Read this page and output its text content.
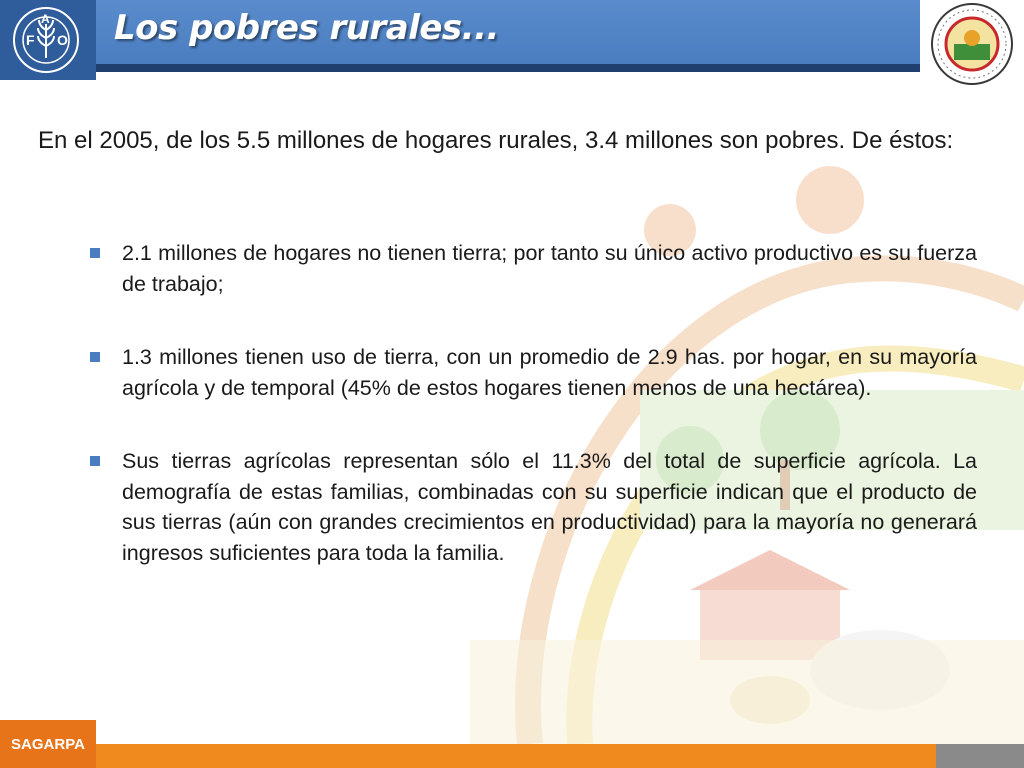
F
A
O Los pobres rurales...

En el 2005, de los 5.5 millones de hogares rurales, 3.4 millones son pobres. De éstos:

2.1 millones de hogares no tienen tierra; por tanto su único activo productivo es su fuerza de trabajo;
1.3 millones tienen uso de tierra, con un promedio de 2.9 has. por hogar, en su mayoría agrícola y de temporal (45% de estos hogares tienen menos de una hectárea).
Sus tierras agrícolas representan sólo el 11.3% del total de superficie agrícola. La demografía de estas familias, combinadas con su superficie indican que el producto de sus tierras (aún con grandes crecimientos en productividad) para la mayoría no generará ingresos suficientes para toda la familia.
SAGARPA
